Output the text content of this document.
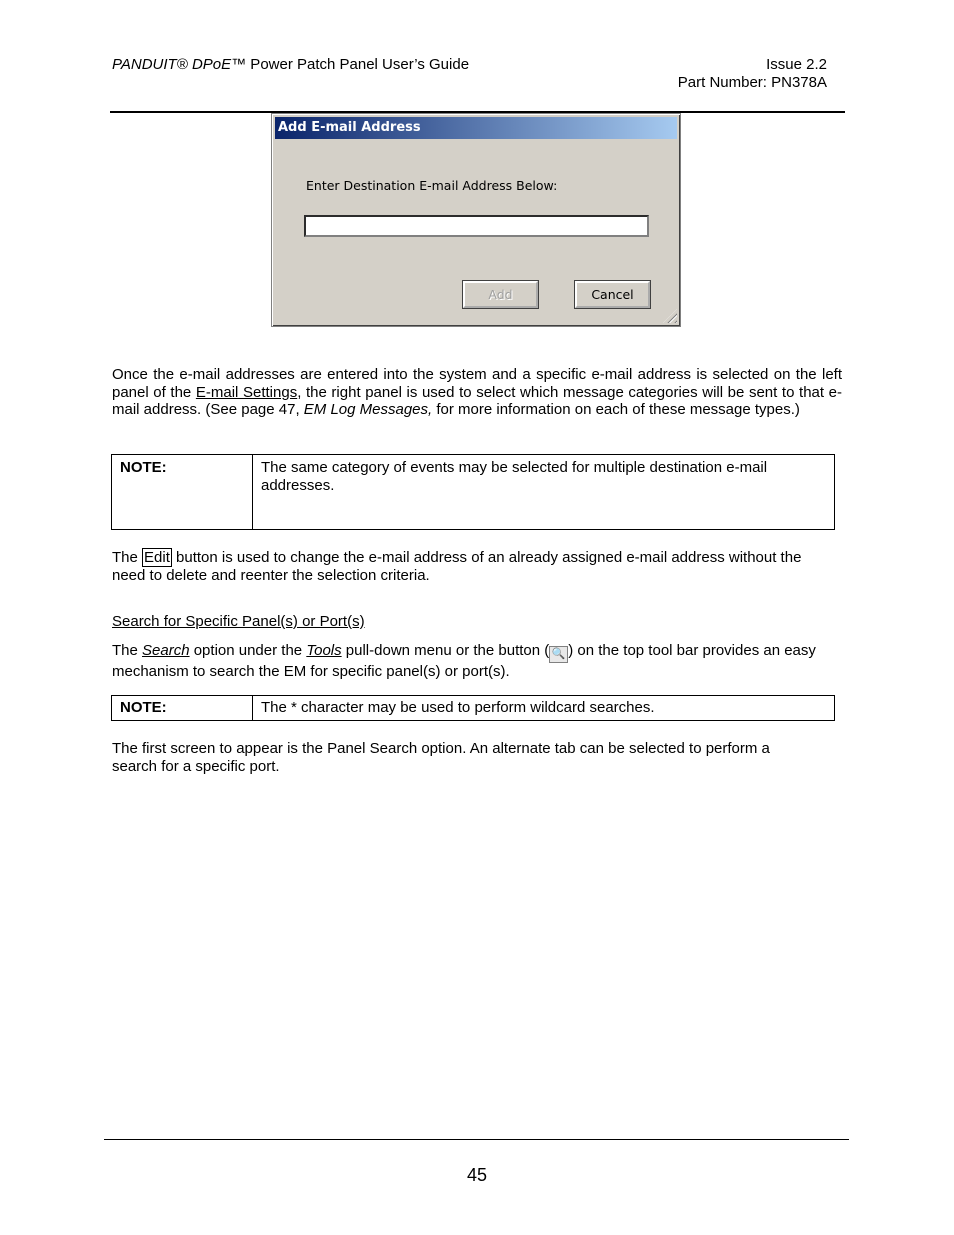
PANDUIT® DPoE™ Power Patch Panel User’s Guide	Issue 2.2
Part Number: PN378A
Add E-mail Address
Enter Destination E-mail Address Below:
Add	Cancel
Once the e-mail addresses are entered into the system and a specific e-mail address is selected on the left panel of the E-mail Settings, the right panel is used to select which message categories will be sent to that e-mail address. (See page 47, EM Log Messages, for more information on each of these message types.)
NOTE:	The same category of events may be selected for multiple destination e-mail addresses.
The Edit button is used to change the e-mail address of an already assigned e-mail address without the need to delete and reenter the selection criteria.
Search for Specific Panel(s) or Port(s)
The Search option under the Tools pull-down menu or the button ( 🔍 ) on the top tool bar provides an easy mechanism to search the EM for specific panel(s) or port(s).
NOTE:	The * character may be used to perform wildcard searches.
The first screen to appear is the Panel Search option. An alternate tab can be selected to perform a search for a specific port.
45
